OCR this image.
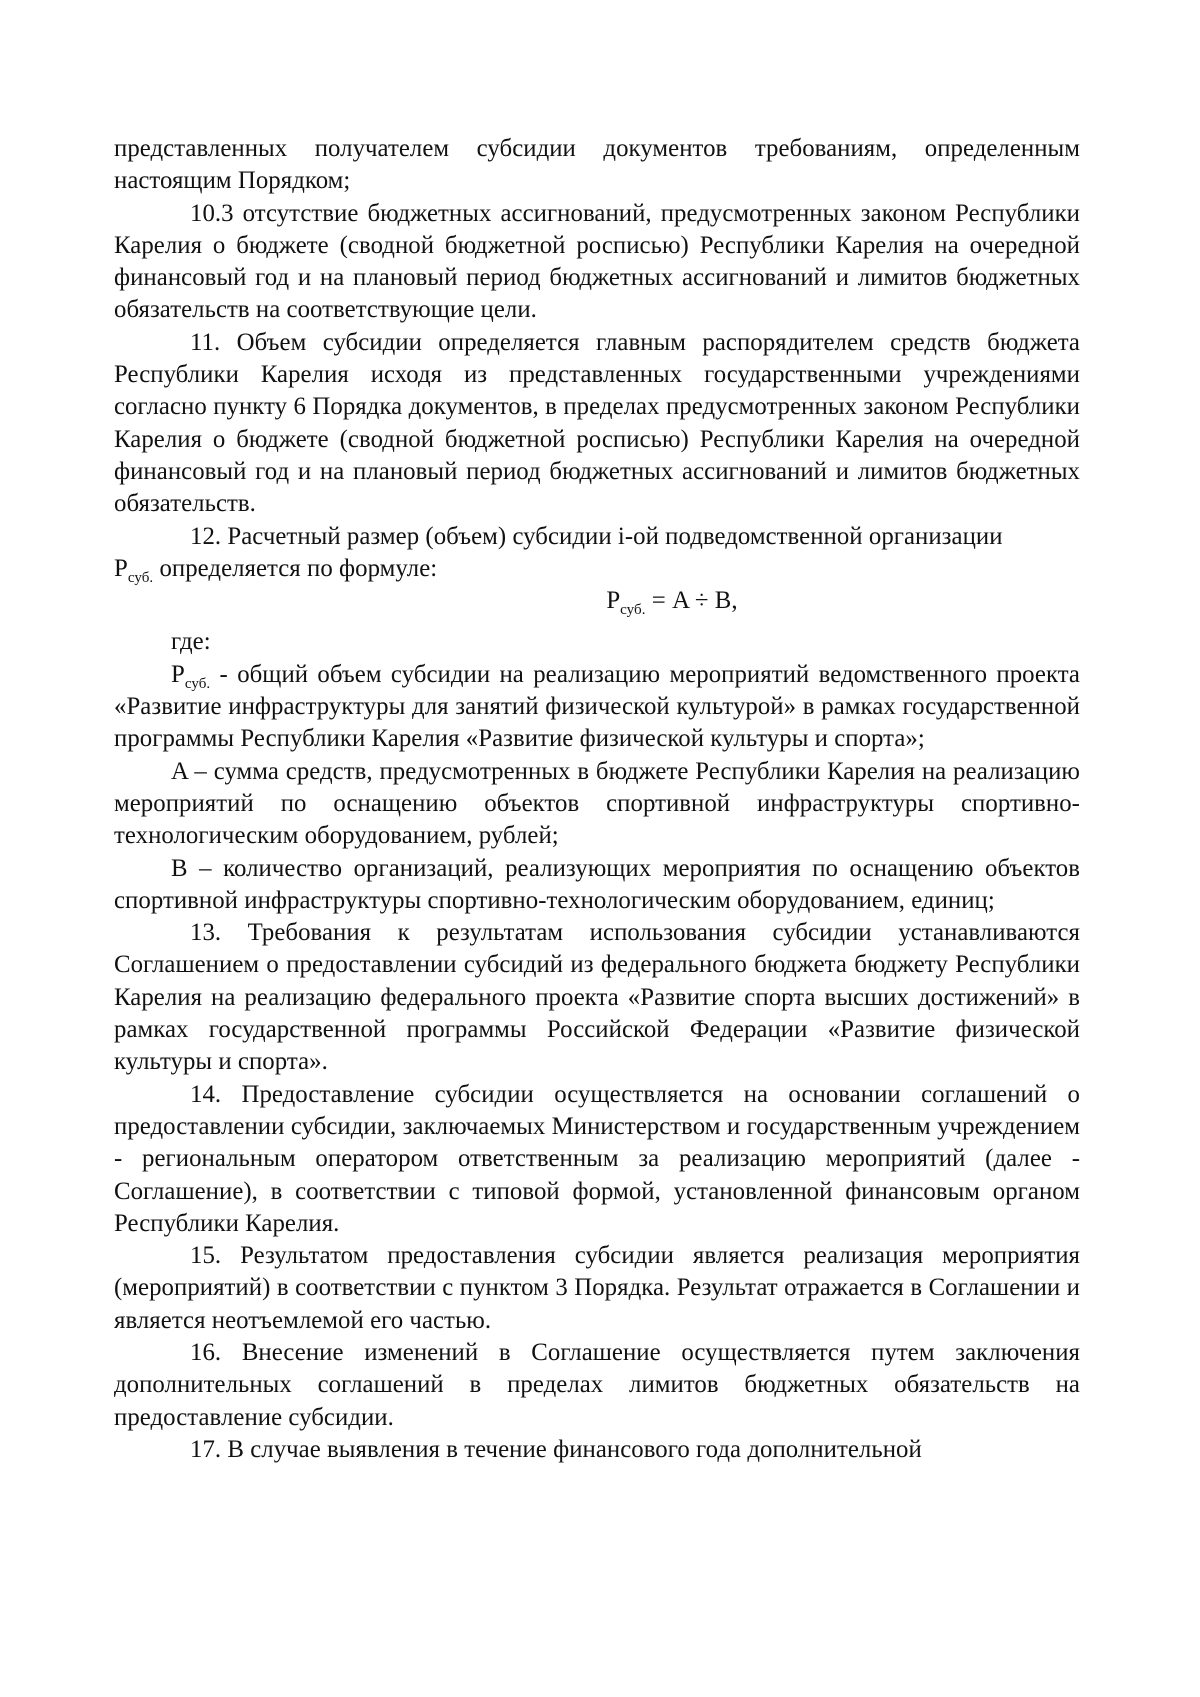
представленных получателем субсидии документов требованиям, определенным настоящим Порядком;

10.3 отсутствие бюджетных ассигнований, предусмотренных законом Республики Карелия о бюджете (сводной бюджетной росписью) Республики Карелия на очередной финансовый год и на плановый период бюджетных ассигнований и лимитов бюджетных обязательств на соответствующие цели.

11. Объем субсидии определяется главным распорядителем средств бюджета Республики Карелия исходя из представленных государственными учреждениями согласно пункту 6 Порядка документов, в пределах предусмотренных законом Республики Карелия о бюджете (сводной бюджетной росписью) Республики Карелия на очередной финансовый год и на плановый период бюджетных ассигнований и лимитов бюджетных обязательств.

12. Расчетный размер (объем) субсидии i-ой подведомственной организации
$P_{суб.}$ определяется по формуле:

$P_{суб.} = A \div B$,

где:

$P_{суб.}$ - общий объем субсидии на реализацию мероприятий ведомственного проекта «Развитие инфраструктуры для занятий физической культурой» в рамках государственной программы Республики Карелия «Развитие физической культуры и спорта»;

A – сумма средств, предусмотренных в бюджете Республики Карелия на реализацию мероприятий по оснащению объектов спортивной инфраструктуры спортивно-технологическим оборудованием, рублей;

B – количество организаций, реализующих мероприятия по оснащению объектов спортивной инфраструктуры спортивно-технологическим оборудованием, единиц;

13. Требования к результатам использования субсидии устанавливаются Соглашением о предоставлении субсидий из федерального бюджета бюджету Республики Карелия на реализацию федерального проекта «Развитие спорта высших достижений» в рамках государственной программы Российской Федерации «Развитие физической культуры и спорта».

14. Предоставление субсидии осуществляется на основании соглашений о предоставлении субсидии, заключаемых Министерством и государственным учреждением - региональным оператором ответственным за реализацию мероприятий (далее - Соглашение), в соответствии с типовой формой, установленной финансовым органом Республики Карелия.

15. Результатом предоставления субсидии является реализация мероприятия (мероприятий) в соответствии с пунктом 3 Порядка. Результат отражается в Соглашении и является неотъемлемой его частью.

16. Внесение изменений в Соглашение осуществляется путем заключения дополнительных соглашений в пределах лимитов бюджетных обязательств на предоставление субсидии.

17. В случае выявления в течение финансового года дополнительной
